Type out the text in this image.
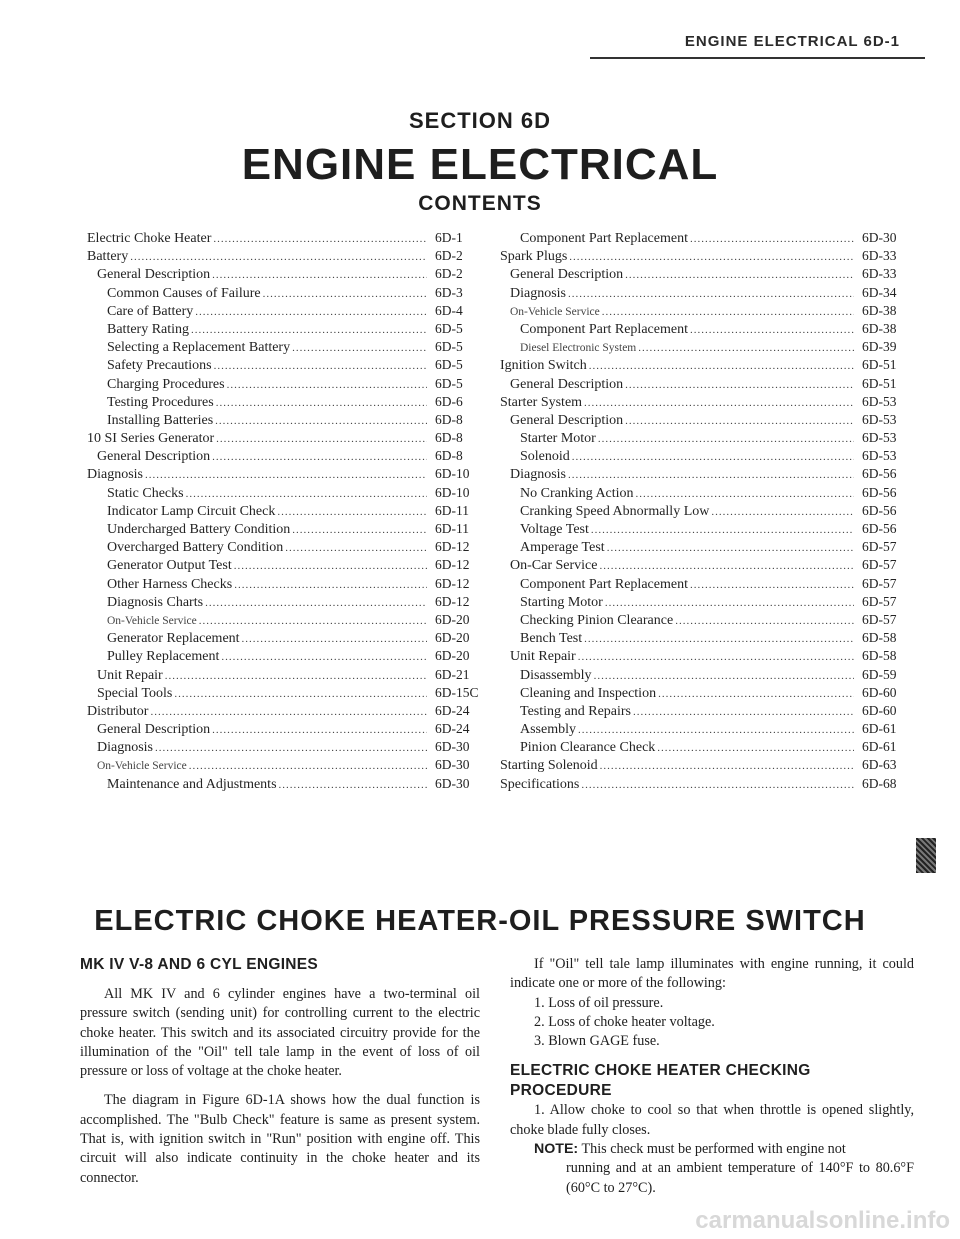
ENGINE ELECTRICAL 6D-1
SECTION 6D
ENGINE ELECTRICAL
CONTENTS
Electric Choke Heater .....	6D-1
Battery .....	6D-2
General Description .....	6D-2
Common Causes of Failure .....	6D-3
Care of Battery .....	6D-4
Battery Rating .....	6D-5
Selecting a Replacement Battery .....	6D-5
Safety Precautions .....	6D-5
Charging Procedures .....	6D-5
Testing Procedures .....	6D-6
Installing Batteries .....	6D-8
10 SI Series Generator .....	6D-8
General Description .....	6D-8
Diagnosis .....	6D-10
Static Checks .....	6D-10
Indicator Lamp Circuit Check .....	6D-11
Undercharged Battery Condition .....	6D-11
Overcharged Battery Condition .....	6D-12
Generator Output Test .....	6D-12
Other Harness Checks .....	6D-12
Diagnosis Charts .....	6D-12
On-Vehicle Service .....	6D-20
Generator Replacement .....	6D-20
Pulley Replacement .....	6D-20
Unit Repair .....	6D-21
Special Tools .....	6D-15C
Distributor .....	6D-24
General Description .....	6D-24
Diagnosis .....	6D-30
On-Vehicle Service .....	6D-30
Maintenance and Adjustments .....	6D-30
Component Part Replacement .....	6D-30
Spark Plugs .....	6D-33
General Description .....	6D-33
Diagnosis .....	6D-34
On-Vehicle Service .....	6D-38
Component Part Replacement .....	6D-38
Diesel Electronic System .....	6D-39
Ignition Switch .....	6D-51
General Description .....	6D-51
Starter System .....	6D-53
General Description .....	6D-53
Starter Motor .....	6D-53
Solenoid .....	6D-53
Diagnosis .....	6D-56
No Cranking Action .....	6D-56
Cranking Speed Abnormally Low .....	6D-56
Voltage Test .....	6D-56
Amperage Test .....	6D-57
On-Car Service .....	6D-57
Component Part Replacement .....	6D-57
Starting Motor .....	6D-57
Checking Pinion Clearance .....	6D-57
Bench Test .....	6D-58
Unit Repair .....	6D-58
Disassembly .....	6D-59
Cleaning and Inspection .....	6D-60
Testing and Repairs .....	6D-60
Assembly .....	6D-61
Pinion Clearance Check .....	6D-61
Starting Solenoid .....	6D-63
Specifications .....	6D-68
ELECTRIC CHOKE HEATER-OIL PRESSURE SWITCH
MK IV V-8 AND 6 CYL ENGINES

All MK IV and 6 cylinder engines have a two-terminal oil pressure switch (sending unit) for controlling current to the electric choke heater. This switch and its associated circuitry provide for the illumination of the "Oil" tell tale lamp in the event of loss of oil pressure or loss of voltage at the choke heater.

The diagram in Figure 6D-1A shows how the dual function is accomplished. The "Bulb Check" feature is same as present system. That is, with ignition switch in "Run" position with engine off. This circuit will also indicate continuity in the choke heater and its connector.

If "Oil" tell tale lamp illuminates with engine running, it could indicate one or more of the following:

1. Loss of oil pressure.

2. Loss of choke heater voltage.

3. Blown GAGE fuse.

ELECTRIC CHOKE HEATER CHECKING PROCEDURE

1. Allow choke to cool so that when throttle is opened slightly, choke blade fully closes.

NOTE: This check must be performed with engine not

running and at an ambient temperature of 140°F to 80.6°F (60°C to 27°C).

carmanualsonline.info
